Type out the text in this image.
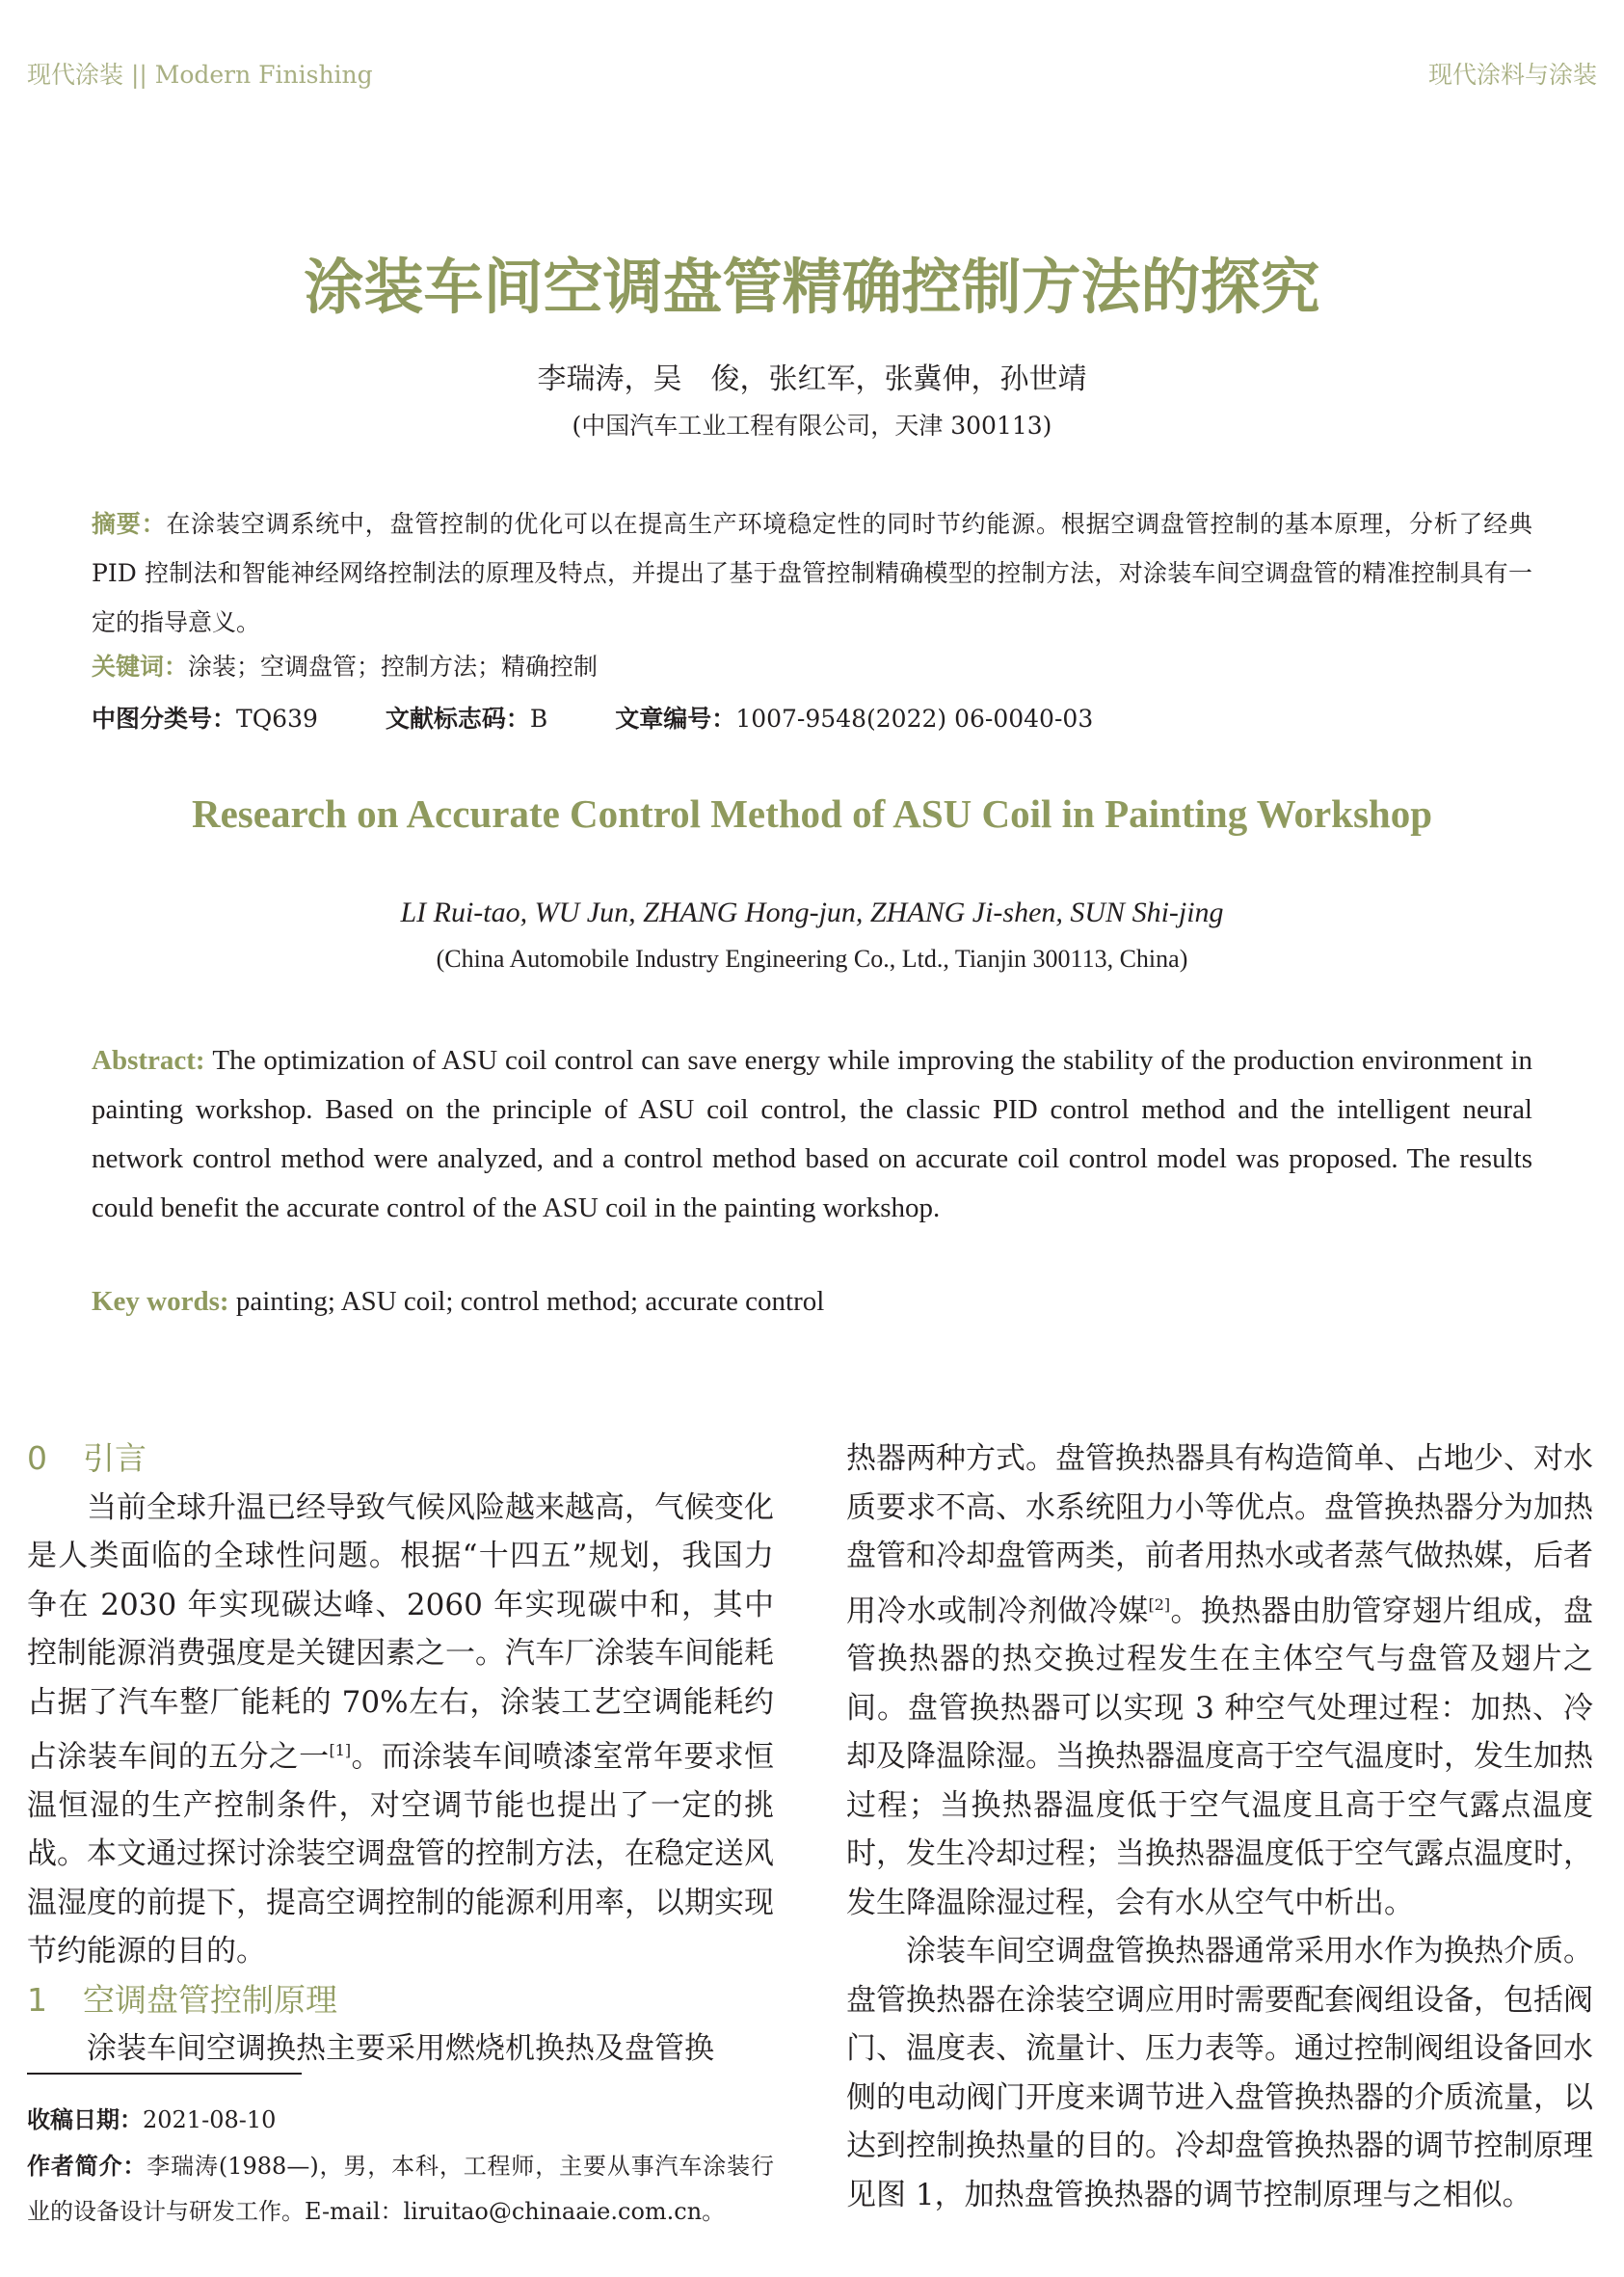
现代涂装 || Modern Finishing	现代涂料与涂装
涂装车间空调盘管精确控制方法的探究
李瑞涛，吴　俊，张红军，张冀伸，孙世靖
(中国汽车工业工程有限公司，天津 300113)

摘要：在涂装空调系统中，盘管控制的优化可以在提高生产环境稳定性的同时节约能源。根据空调盘管控制的基本原理，分析了经典 PID 控制法和智能神经网络控制法的原理及特点，并提出了基于盘管控制精确模型的控制方法，对涂装车间空调盘管的精准控制具有一定的指导意义。

关键词：涂装；空调盘管；控制方法；精确控制
中图分类号：TQ639	文献标志码：B	文章编号：1007-9548(2022) 06-0040-03
Research on Accurate Control Method of ASU Coil in Painting Workshop
LI Rui-tao, WU Jun, ZHANG Hong-jun, ZHANG Ji-shen, SUN Shi-jing
(China Automobile Industry Engineering Co., Ltd., Tianjin 300113, China)

Abstract: The optimization of ASU coil control can save energy while improving the stability of the production environment in painting workshop. Based on the principle of ASU coil control, the classic PID control method and the intelligent neural network control method were analyzed, and a control method based on accurate coil control model was proposed. The results could benefit the accurate control of the ASU coil in the painting workshop.

Key words: painting; ASU coil; control method; accurate control
0 引言

当前全球升温已经导致气候风险越来越高，气候变化是人类面临的全球性问题。根据“十四五”规划，我国力争在 2030 年实现碳达峰、2060 年实现碳中和，其中控制能源消费强度是关键因素之一。汽车厂涂装车间能耗占据了汽车整厂能耗的 70%左右，涂装工艺空调能耗约占涂装车间的五分之一[1]。而涂装车间喷漆室常年要求恒温恒湿的生产控制条件，对空调节能也提出了一定的挑战。本文通过探讨涂装空调盘管的控制方法，在稳定送风温湿度的前提下，提高空调控制的能源利用率，以期实现节约能源的目的。

1 空调盘管控制原理

涂装车间空调换热主要采用燃烧机换热及盘管换

热器两种方式。盘管换热器具有构造简单、占地少、对水质要求不高、水系统阻力小等优点。盘管换热器分为加热盘管和冷却盘管两类，前者用热水或者蒸气做热媒，后者用冷水或制冷剂做冷媒[2]。换热器由肋管穿翅片组成，盘管换热器的热交换过程发生在主体空气与盘管及翅片之间。盘管换热器可以实现 3 种空气处理过程：加热、冷却及降温除湿。当换热器温度高于空气温度时，发生加热过程；当换热器温度低于空气温度且高于空气露点温度时，发生冷却过程；当换热器温度低于空气露点温度时，发生降温除湿过程，会有水从空气中析出。

涂装车间空调盘管换热器通常采用水作为换热介质。盘管换热器在涂装空调应用时需要配套阀组设备，包括阀门、温度表、流量计、压力表等。通过控制阀组设备回水侧的电动阀门开度来调节进入盘管换热器的介质流量，以达到控制换热量的目的。冷却盘管换热器的调节控制原理见图 1，加热盘管换热器的调节控制原理与之相似。

收稿日期：2021-08-10

作者简介：李瑞涛(1988—)，男，本科，工程师，主要从事汽车涂装行业的设备设计与研发工作。E-mail：liruitao@chinaaie.com.cn。
